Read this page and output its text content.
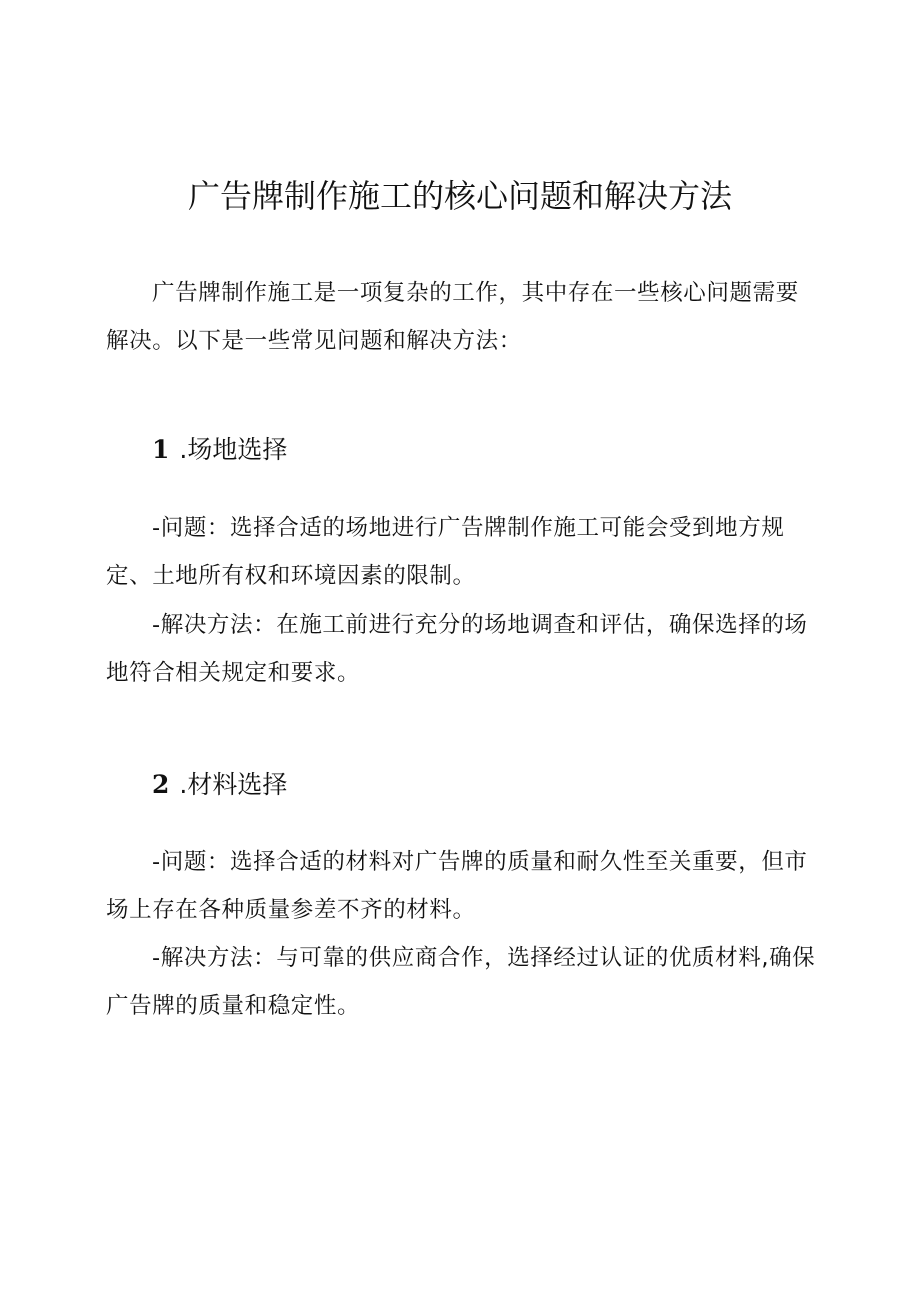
广告牌制作施工的核心问题和解决方法

广告牌制作施工是一项复杂的工作，其中存在一些核心问题需要解决。以下是一些常见问题和解决方法：

1 .场地选择

-问题：选择合适的场地进行广告牌制作施工可能会受到地方规定、土地所有权和环境因素的限制。

-解决方法：在施工前进行充分的场地调查和评估，确保选择的场地符合相关规定和要求。

2 .材料选择

-问题：选择合适的材料对广告牌的质量和耐久性至关重要，但市场上存在各种质量参差不齐的材料。

-解决方法：与可靠的供应商合作，选择经过认证的优质材料,确保广告牌的质量和稳定性。
